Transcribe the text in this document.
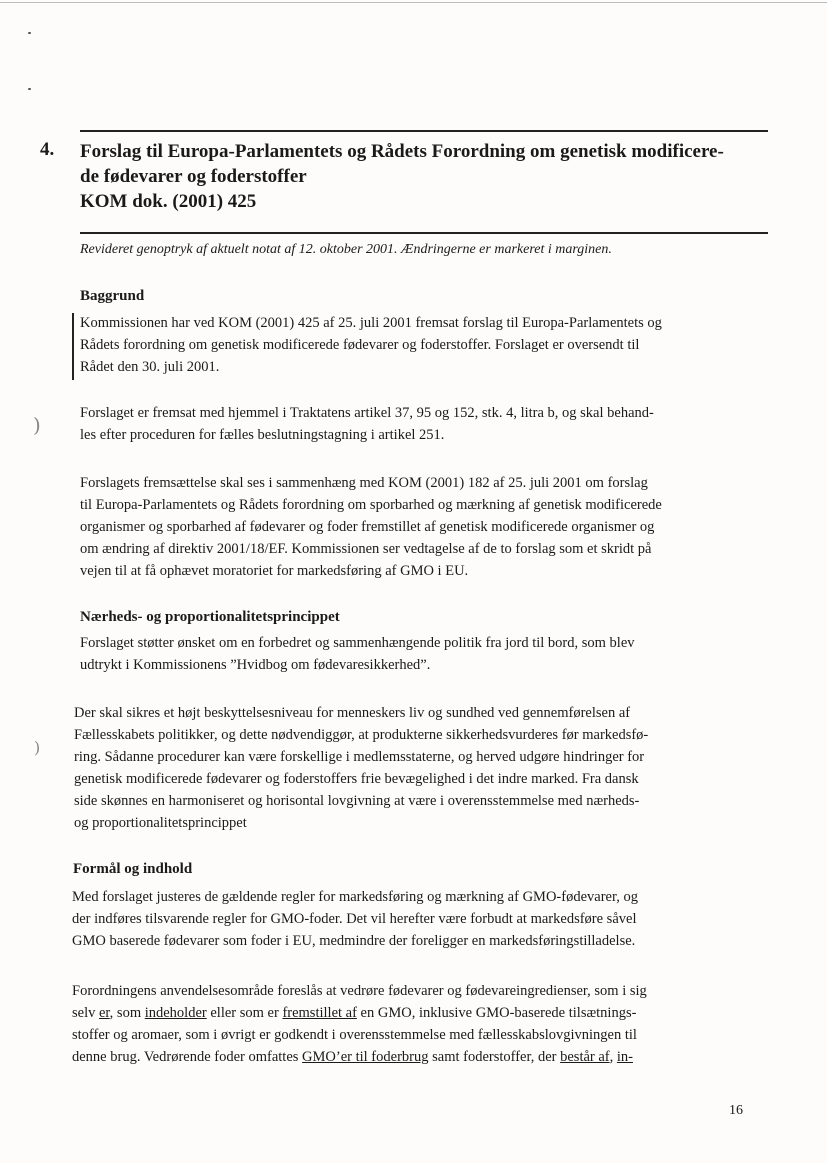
4. Forslag til Europa-Parlamentets og Rådets Forordning om genetisk modificere-
de fødevarer og foderstoffer
KOM dok. (2001) 425
Revideret genoptryk af aktuelt notat af 12. oktober 2001. Ændringerne er markeret i marginen.
Baggrund
Kommissionen har ved KOM (2001) 425 af 25. juli 2001 fremsat forslag til Europa-Parlamentets og
Rådets forordning om genetisk modificerede fødevarer og foderstoffer. Forslaget er oversendt til
Rådet den 30. juli 2001.
)	Forslaget er fremsat med hjemmel i Traktatens artikel 37, 95 og 152, stk. 4, litra b, og skal behand-
les efter proceduren for fælles beslutningstagning i artikel 251.
Forslagets fremsættelse skal ses i sammenhæng med KOM (2001) 182 af 25. juli 2001 om forslag
til Europa-Parlamentets og Rådets forordning om sporbarhed og mærkning af genetisk modificerede
organismer og sporbarhed af fødevarer og foder fremstillet af genetisk modificerede organismer og
om ændring af direktiv 2001/18/EF. Kommissionen ser vedtagelse af de to forslag som et skridt på
vejen til at få ophævet moratoriet for markedsføring af GMO i EU.
Nærheds- og proportionalitetsprincippet
Forslaget støtter ønsket om en forbedret og sammenhængende politik fra jord til bord, som blev
udtrykt i Kommissionens ”Hvidbog om fødevaresikkerhed”.
)
Der skal sikres et højt beskyttelsesniveau for menneskers liv og sundhed ved gennemførelsen af
Fællesskabets politikker, og dette nødvendiggør, at produkterne sikkerhedsvurderes før markedsfø-
ring. Sådanne procedurer kan være forskellige i medlemsstaterne, og herved udgøre hindringer for
genetisk modificerede fødevarer og foderstoffers frie bevægelighed i det indre marked. Fra dansk
side skønnes en harmoniseret og horisontal lovgivning at være i overensstemmelse med nærheds-
og proportionalitetsprincippet
Formål og indhold
Med forslaget justeres de gældende regler for markedsføring og mærkning af GMO-fødevarer, og
der indføres tilsvarende regler for GMO-foder. Det vil herefter være forbudt at markedsføre såvel
GMO baserede fødevarer som foder i EU, medmindre der foreligger en markedsføringstilladelse.
Forordningens anvendelsesområde foreslås at vedrøre fødevarer og fødevareingredienser, som i sig
selv er, som indeholder eller som er fremstillet af en GMO, inklusive GMO-baserede tilsætnings-
stoffer og aromaer, som i øvrigt er godkendt i overensstemmelse med fællesskabslovgivningen til
denne brug. Vedrørende foder omfattes GMO’er til foderbrug samt foderstoffer, der består af, in-
16
